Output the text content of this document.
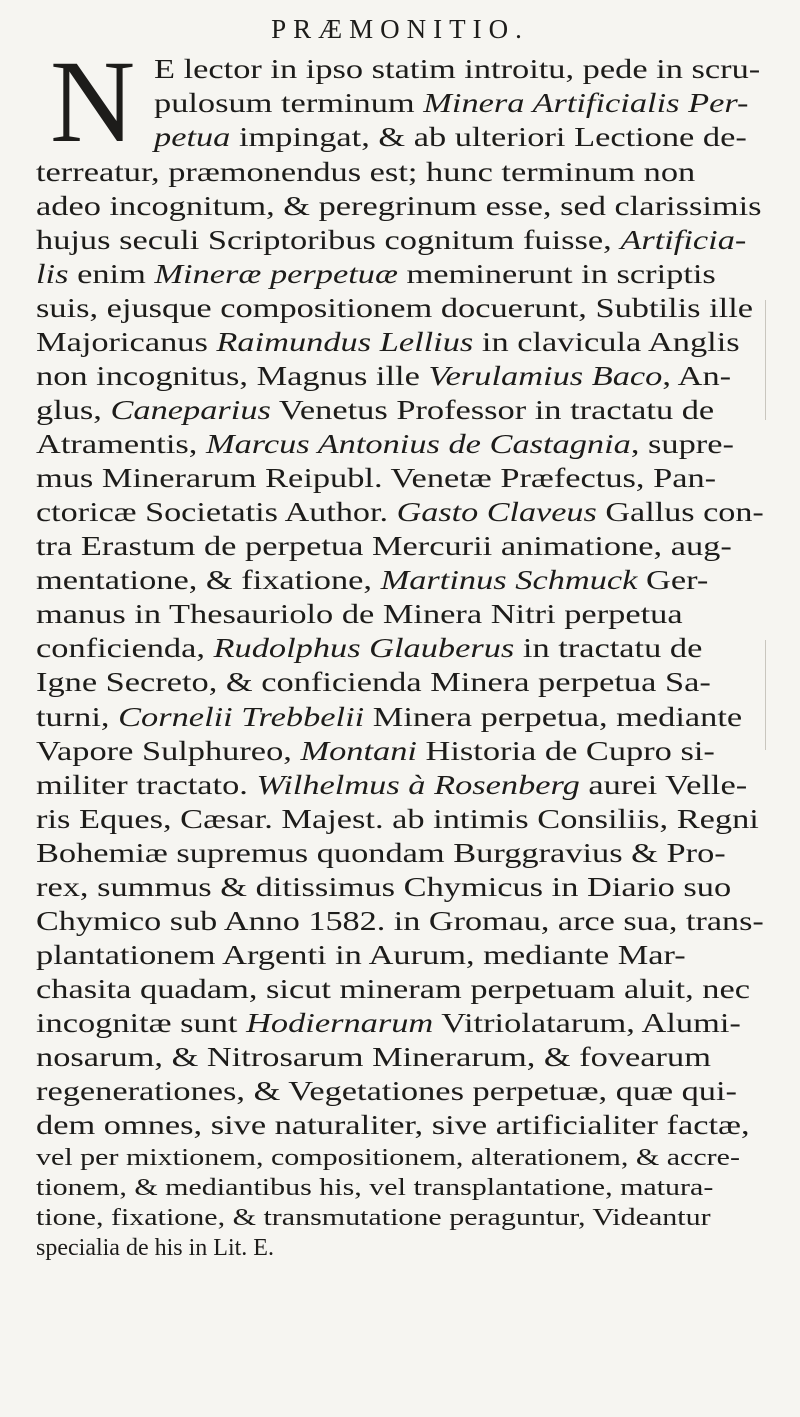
PRÆMONITIO.
N E lector in ipso statim introitu, pede in scru-
pulosum terminum Minera Artificialis Per-
petua impingat, & ab ulteriori Lectione de-
terreatur, præmonendus est; hunc terminum non
adeo incognitum, & peregrinum esse, sed clarissimis
hujus seculi Scriptoribus cognitum fuisse, Artificia-
lis enim Mineræ perpetuæ meminerunt in scriptis
suis, ejusque compositionem docuerunt, Subtilis ille
Majoricanus Raimundus Lellius in clavicula Anglis
non incognitus, Magnus ille Verulamius Baco, An-
glus, Caneparius Venetus Professor in tractatu de
Atramentis, Marcus Antonius de Castagnia, supre-
mus Minerarum Reipubl. Venetæ Præfectus, Pan-
ctoricæ Societatis Author. Gasto Claveus Gallus con-
tra Erastum de perpetua Mercurii animatione, aug-
mentatione, & fixatione, Martinus Schmuck Ger-
manus in Thesauriolo de Minera Nitri perpetua
conficienda, Rudolphus Glauberus in tractatu de
Igne Secreto, & conficienda Minera perpetua Sa-
turni, Cornelii Trebbelii Minera perpetua, mediante
Vapore Sulphureo, Montani Historia de Cupro si-
militer tractato. Wilhelmus à Rosenberg aurei Velle-
ris Eques, Cæsar. Majest. ab intimis Consiliis, Regni
Bohemiæ supremus quondam Burggravius & Pro-
rex, summus & ditissimus Chymicus in Diario suo
Chymico sub Anno 1582. in Gromau, arce sua, trans-
plantationem Argenti in Aurum, mediante Mar-
chasita quadam, sicut mineram perpetuam aluit, nec
incognitæ sunt Hodiernarum Vitriolatarum, Alumi-
nosarum, & Nitrosarum Minerarum, & fovearum
regenerationes, & Vegetationes perpetuæ, quæ qui-
dem omnes, sive naturaliter, sive artificialiter factæ,
vel per mixtionem, compositionem, alterationem, & accre-
tionem, & mediantibus his, vel transplantatione, matura-
tione, fixatione, & transmutatione peraguntur, Videantur
specialia de his in Lit. E.
